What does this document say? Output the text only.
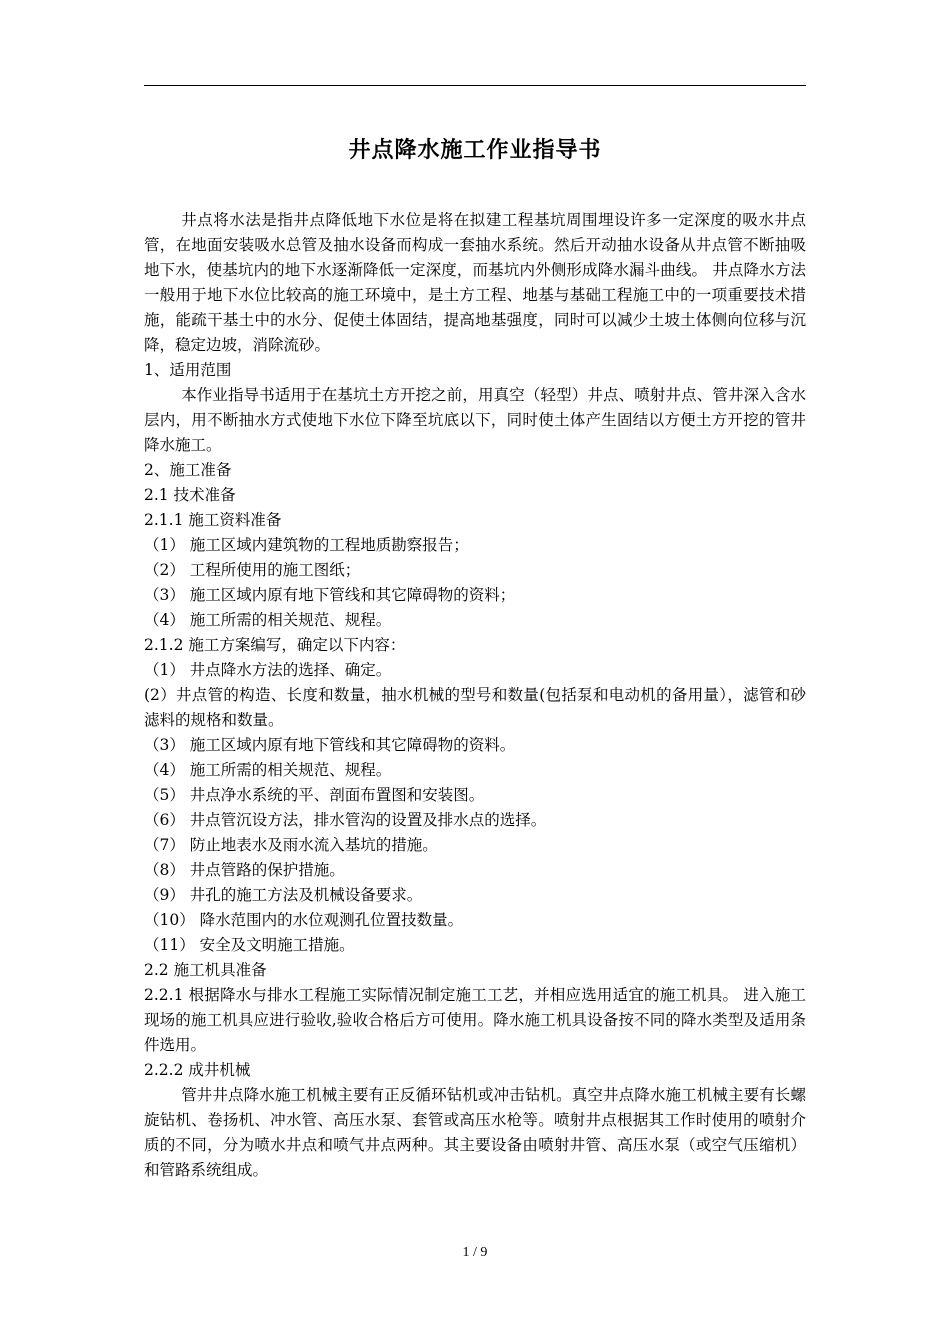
井点降水施工作业指导书

井点将水法是指井点降低地下水位是将在拟建工程基坑周围埋设许多一定深度的吸水井点管，在地面安装吸水总管及抽水设备而构成一套抽水系统。然后开动抽水设备从井点管不断抽吸地下水，使基坑内的地下水逐渐降低一定深度，而基坑内外侧形成降水漏斗曲线。 井点降水方法一般用于地下水位比较高的施工环境中，是土方工程、地基与基础工程施工中的一项重要技术措施，能疏干基土中的水分、促使土体固结，提高地基强度，同时可以减少土坡土体侧向位移与沉降，稳定边坡，消除流砂。

1、适用范围

本作业指导书适用于在基坑土方开挖之前，用真空（轻型）井点、喷射井点、管井深入含水层内，用不断抽水方式使地下水位下降至坑底以下，同时使土体产生固结以方便土方开挖的管井降水施工。

2、施工准备

2.1 技术准备

2.1.1 施工资料准备

（1） 施工区域内建筑物的工程地质勘察报告；

（2） 工程所使用的施工图纸；

（3） 施工区域内原有地下管线和其它障碍物的资料；

（4） 施工所需的相关规范、规程。

2.1.2 施工方案编写，确定以下内容：

（1） 井点降水方法的选择、确定。

(2）井点管的构造、长度和数量，抽水机械的型号和数量(包括泵和电动机的备用量），滤管和砂滤料的规格和数量。

（3） 施工区域内原有地下管线和其它障碍物的资料。

（4） 施工所需的相关规范、规程。

（5） 井点净水系统的平、剖面布置图和安装图。

（6） 井点管沉设方法，排水管沟的设置及排水点的选择。

（7） 防止地表水及雨水流入基坑的措施。

（8） 井点管路的保护措施。

（9） 井孔的施工方法及机械设备要求。

（10） 降水范围内的水位观测孔位置技数量。

（11） 安全及文明施工措施。

2.2 施工机具准备

2.2.1 根据降水与排水工程施工实际情况制定施工工艺，并相应选用适宜的施工机具。 进入施工现场的施工机具应进行验收,验收合格后方可使用。降水施工机具设备按不同的降水类型及适用条件选用。

2.2.2 成井机械

管井井点降水施工机械主要有正反循环钻机或冲击钻机。真空井点降水施工机械主要有长螺旋钻机、卷扬机、冲水管、高压水泵、套管或高压水枪等。喷射井点根据其工作时使用的喷射介质的不同，分为喷水井点和喷气井点两种。其主要设备由喷射井管、高压水泵（或空气压缩机）和管路系统组成。

1 / 9
